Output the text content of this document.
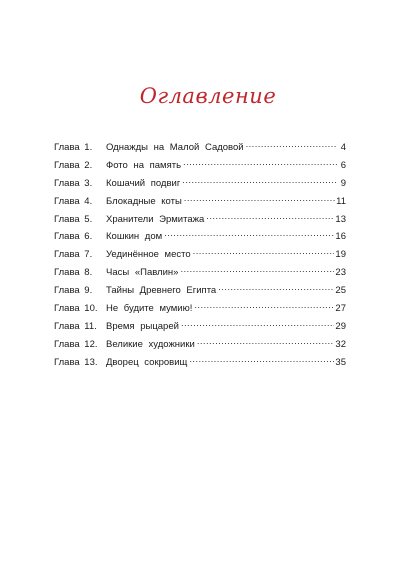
Оглавление
Глава 1.	Однажды на Малой Садовой .....	4
Глава 2.	Фото на память .....	6
Глава 3.	Кошачий подвиг .....	9
Глава 4.	Блокадные коты .....	11
Глава 5.	Хранители Эрмитажа .....	13
Глава 6.	Кошкин дом .....	16
Глава 7.	Уединённое место .....	19
Глава 8.	Часы «Павлин» .....	23
Глава 9.	Тайны Древнего Египта .....	25
Глава 10. Не будите мумию! .....	27
Глава 11. Время рыцарей .....	29
Глава 12. Великие художники .....	32
Глава 13. Дворец сокровищ .....	35
